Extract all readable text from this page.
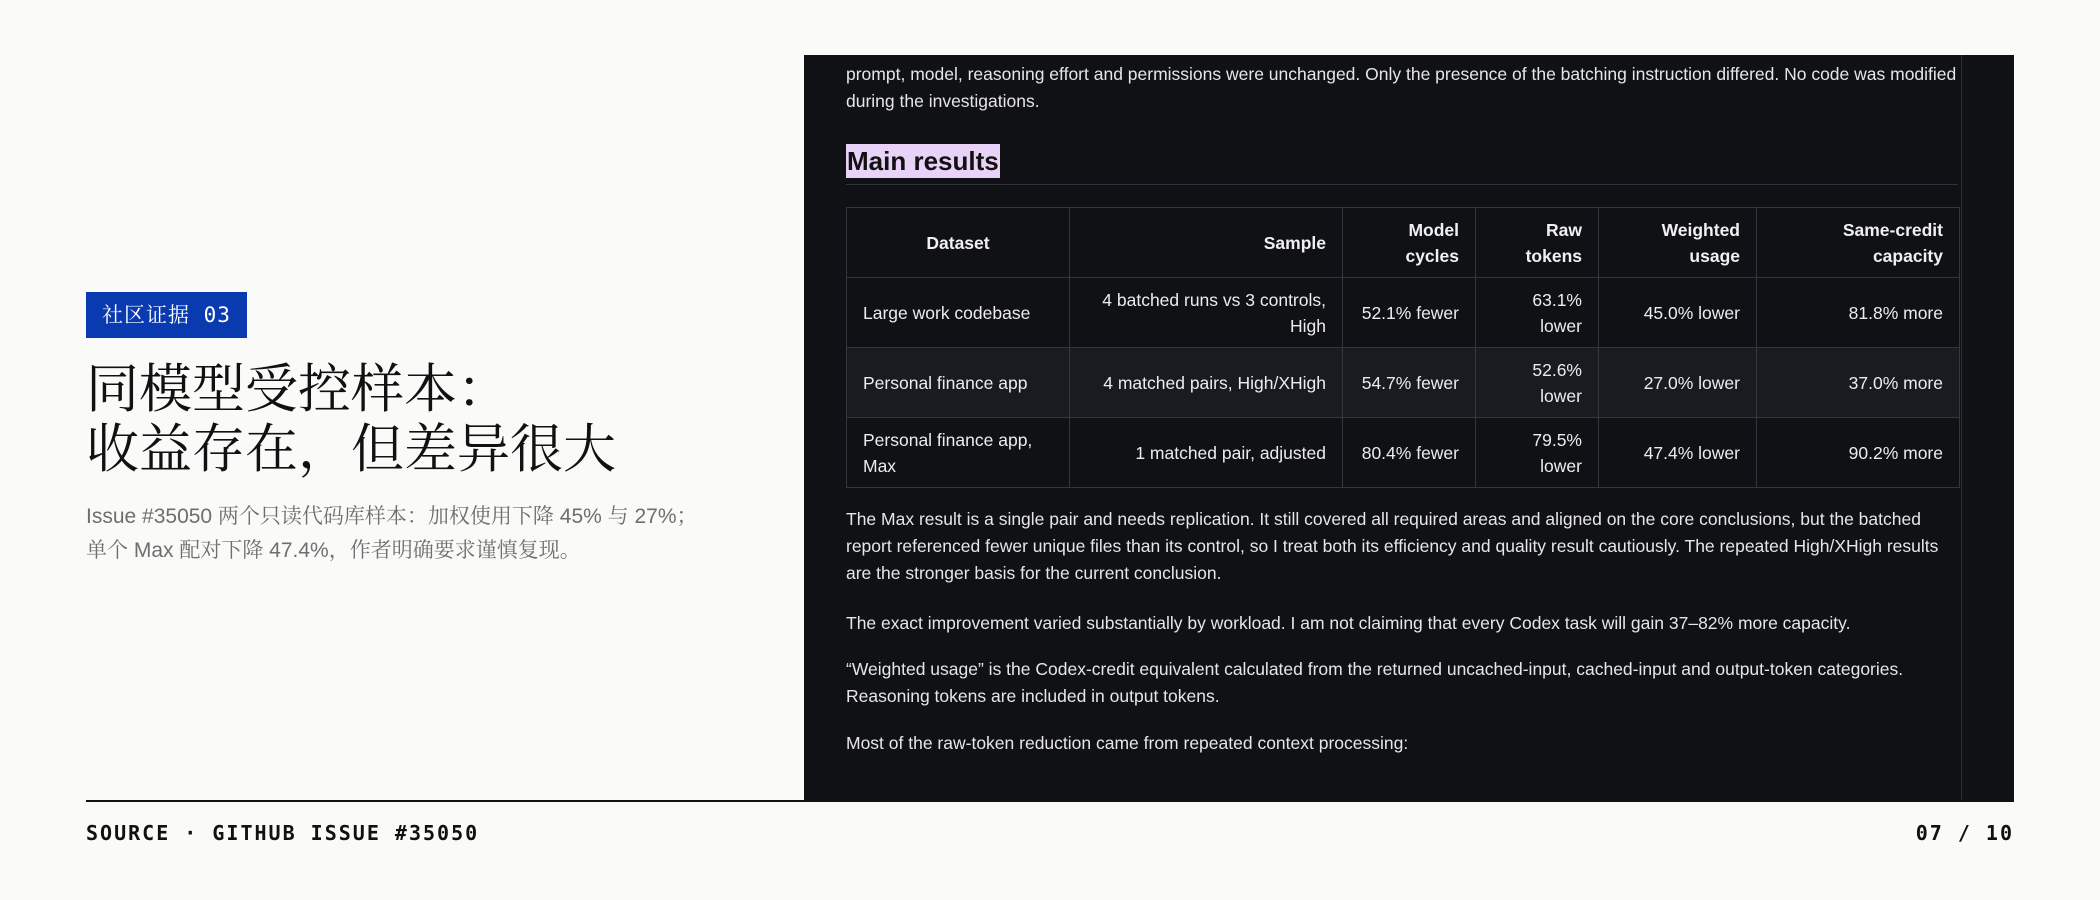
社区证据 03
同模型受控样本：
收益存在，但差异很大
Issue #35050 两个只读代码库样本：加权使用下降 45% 与 27%；
单个 Max 配对下降 47.4%，作者明确要求谨慎复现。

prompt, model, reasoning effort and permissions were unchanged. Only the presence of the batching instruction differed. No code was modified during the investigations.

Main results
Dataset	Sample	Model cycles	Raw tokens	Weighted usage	Same-credit capacity
Large work codebase	4 batched runs vs 3 controls, High	52.1% fewer	63.1% lower	45.0% lower	81.8% more
Personal finance app	4 matched pairs, High/XHigh	54.7% fewer	52.6% lower	27.0% lower	37.0% more
Personal finance app, Max	1 matched pair, adjusted	80.4% fewer	79.5% lower	47.4% lower	90.2% more

The Max result is a single pair and needs replication. It still covered all required areas and aligned on the core conclusions, but the batched report referenced fewer unique files than its control, so I treat both its efficiency and quality result cautiously. The repeated High/XHigh results are the stronger basis for the current conclusion.

The exact improvement varied substantially by workload. I am not claiming that every Codex task will gain 37–82% more capacity.

“Weighted usage” is the Codex-credit equivalent calculated from the returned uncached-input, cached-input and output-token categories. Reasoning tokens are included in output tokens.

Most of the raw-token reduction came from repeated context processing:

SOURCE · GITHUB ISSUE #35050	07 / 10
